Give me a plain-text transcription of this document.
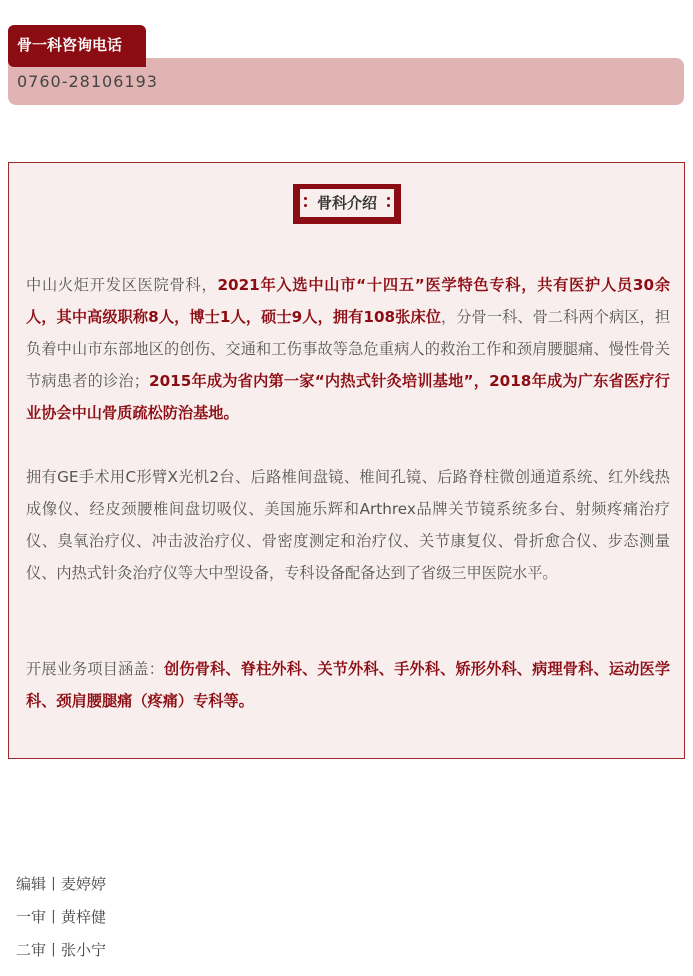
骨一科咨询电话
0760-28106193
骨科介绍

中山火炬开发区医院骨科，2021年入选中山市“十四五”医学特色专科，共有医护人员30余人，其中高级职称8人，博士1人，硕士9人，拥有108张床位，分骨一科、骨二科两个病区，担负着中山市东部地区的创伤、交通和工伤事故等急危重病人的救治工作和颈肩腰腿痛、慢性骨关节病患者的诊治；2015年成为省内第一家“内热式针灸培训基地”，2018年成为广东省医疗行业协会中山骨质疏松防治基地。

拥有GE手术用C形臂X光机2台、后路椎间盘镜、椎间孔镜、后路脊柱微创通道系统、红外线热成像仪、经皮颈腰椎间盘切吸仪、美国施乐辉和Arthrex品牌关节镜系统多台、射频疼痛治疗仪、臭氧治疗仪、冲击波治疗仪、骨密度测定和治疗仪、关节康复仪、骨折愈合仪、步态测量仪、内热式针灸治疗仪等大中型设备，专科设备配备达到了省级三甲医院水平。

开展业务项目涵盖：创伤骨科、脊柱外科、关节外科、手外科、矫形外科、病理骨科、运动医学科、颈肩腰腿痛（疼痛）专科等。

编辑丨麦婷婷
一审丨黄梓健
二审丨张小宁
